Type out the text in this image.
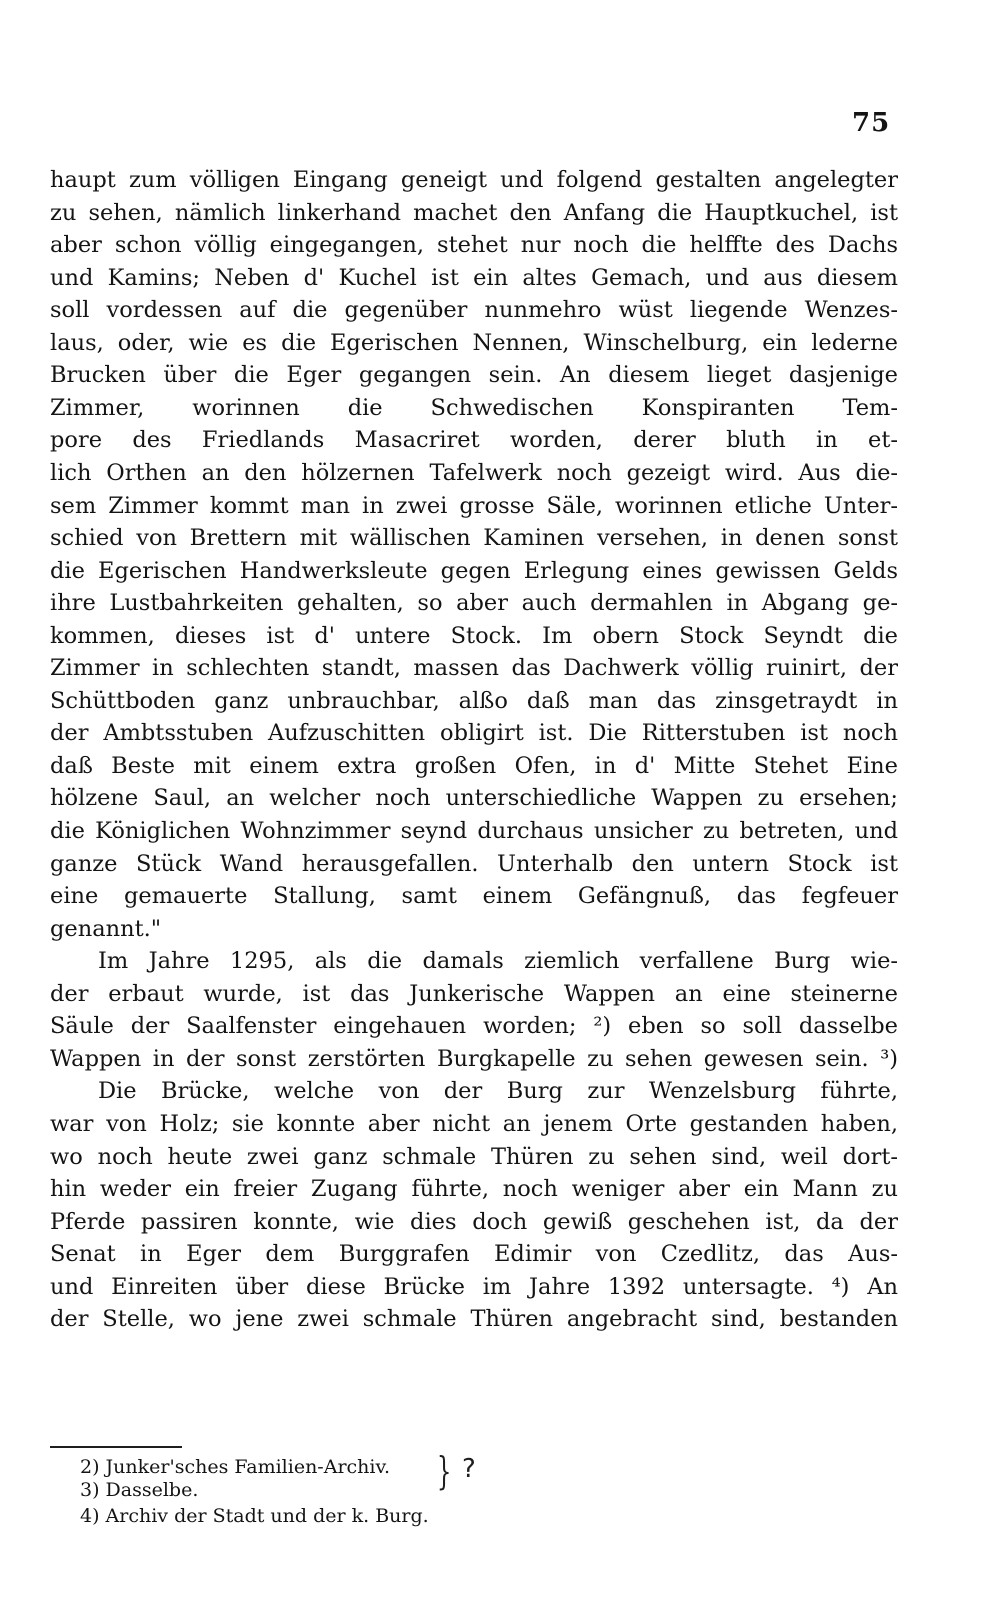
75
haupt zum völligen Eingang geneigt und folgend gestalten angelegter
zu sehen, nämlich linkerhand machet den Anfang die Hauptkuchel, ist
aber schon völlig eingegangen, stehet nur noch die helffte des Dachs
und Kamins; Neben d' Kuchel ist ein altes Gemach, und aus diesem
soll vordessen auf die gegenüber nunmehro wüst liegende Wenzes-
laus, oder, wie es die Egerischen Nennen, Winschelburg, ein lederne
Brucken über die Eger gegangen sein. An diesem lieget dasjenige
Zimmer, worinnen die Schwedischen Konspiranten Tem-
pore des Friedlands Masacriret worden, derer bluth in et-
lich Orthen an den hölzernen Tafelwerk noch gezeigt wird. Aus die-
sem Zimmer kommt man in zwei grosse Säle, worinnen etliche Unter-
schied von Brettern mit wällischen Kaminen versehen, in denen sonst
die Egerischen Handwerksleute gegen Erlegung eines gewissen Gelds
ihre Lustbahrkeiten gehalten, so aber auch dermahlen in Abgang ge-
kommen, dieses ist d' untere Stock. Im obern Stock Seyndt die
Zimmer in schlechten standt, massen das Dachwerk völlig ruinirt, der
Schüttboden ganz unbrauchbar, alßo daß man das zinsgetraydt in
der Ambtsstuben Aufzuschitten obligirt ist. Die Ritterstuben ist noch
daß Beste mit einem extra großen Ofen, in d' Mitte Stehet Eine
hölzene Saul, an welcher noch unterschiedliche Wappen zu ersehen;
die Königlichen Wohnzimmer seynd durchaus unsicher zu betreten, und
ganze Stück Wand herausgefallen. Unterhalb den untern Stock ist
eine gemauerte Stallung, samt einem Gefängnuß, das fegfeuer
genannt."
Im Jahre 1295, als die damals ziemlich verfallene Burg wie-
der erbaut wurde, ist das Junkerische Wappen an eine steinerne
Säule der Saalfenster eingehauen worden; ²) eben so soll dasselbe
Wappen in der sonst zerstörten Burgkapelle zu sehen gewesen sein. ³)
Die Brücke, welche von der Burg zur Wenzelsburg führte,
war von Holz; sie konnte aber nicht an jenem Orte gestanden haben,
wo noch heute zwei ganz schmale Thüren zu sehen sind, weil dort-
hin weder ein freier Zugang führte, noch weniger aber ein Mann zu
Pferde passiren konnte, wie dies doch gewiß geschehen ist, da der
Senat in Eger dem Burggrafen Edimir von Czedlitz, das Aus-
und Einreiten über diese Brücke im Jahre 1392 untersagte. ⁴) An
der Stelle, wo jene zwei schmale Thüren angebracht sind, bestanden
2) Junker'sches Familien-Archiv.
3) Dasselbe.
4) Archiv der Stadt und der k. Burg.
} ?
